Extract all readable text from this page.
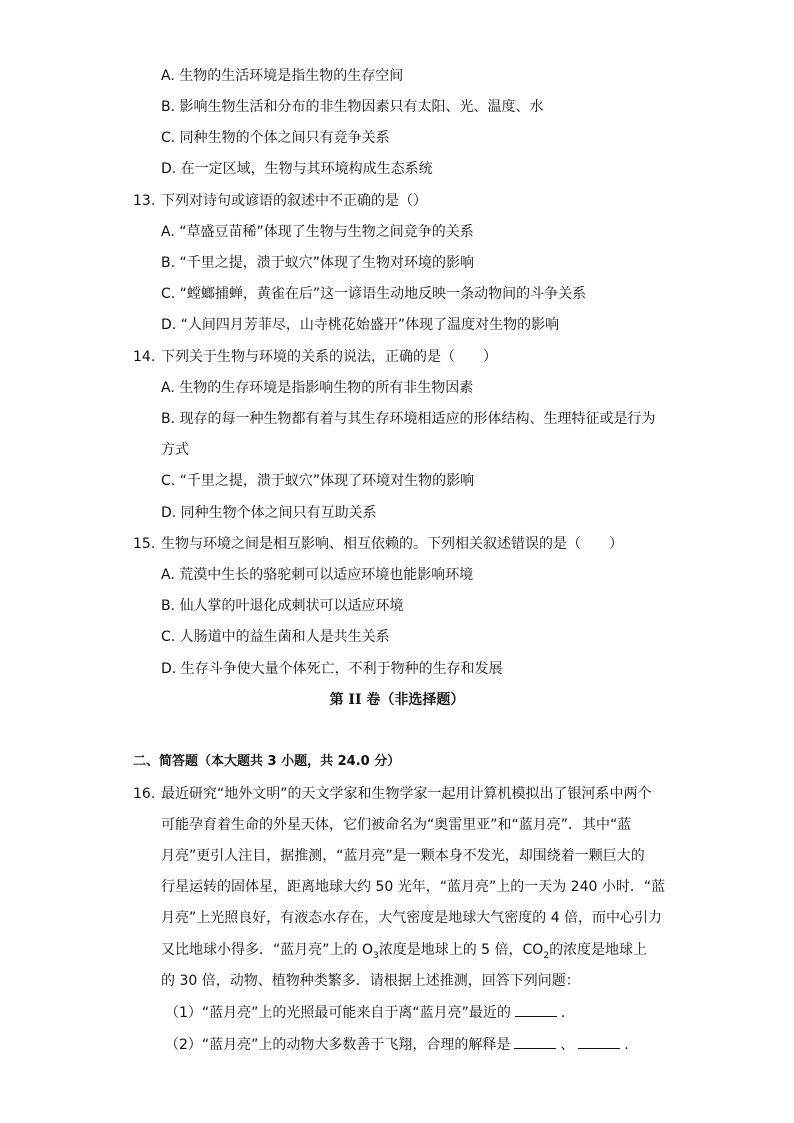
A. 生物的生活环境是指生物的生存空间
B. 影响生物生活和分布的非生物因素只有太阳、光、温度、水
C. 同种生物的个体之间只有竞争关系
D. 在一定区域，生物与其环境构成生态系统
13. 下列对诗句或谚语的叙述中不正确的是（）
A. “草盛豆苗稀”体现了生物与生物之间竞争的关系
B. “千里之提，溃于蚁穴”体现了生物对环境的影响
C. “螳螂捕蝉，黄雀在后”这一谚语生动地反映一条动物间的斗争关系
D. “人间四月芳菲尽，山寺桃花始盛开”体现了温度对生物的影响
14. 下列关于生物与环境的关系的说法，正确的是（　　）
A. 生物的生存环境是指影响生物的所有非生物因素
B. 现存的每一种生物都有着与其生存环境相适应的形体结构、生理特征或是行为
方式
C. “千里之提，溃于蚁穴”体现了环境对生物的影响
D. 同种生物个体之间只有互助关系
15. 生物与环境之间是相互影响、相互依赖的。下列相关叙述错误的是（　　）
A. 荒漠中生长的骆驼刺可以适应环境也能影响环境
B. 仙人掌的叶退化成刺状可以适应环境
C. 人肠道中的益生菌和人是共生关系
D. 生存斗争使大量个体死亡，不利于物种的生存和发展
第 II 卷（非选择题）
二、简答题（本大题共 3 小题，共 24.0 分）
16. 最近研究“地外文明”的天文学家和生物学家一起用计算机模拟出了银河系中两个
可能孕育着生命的外星天体，它们被命名为“奥雷里亚”和“蓝月亮”．其中“蓝
月亮”更引人注目，据推测，“蓝月亮”是一颗本身不发光，却围绕着一颗巨大的
行星运转的固体星，距离地球大约 50 光年，“蓝月亮”上的一天为 240 小时．“蓝
月亮”上光照良好，有液态水存在，大气密度是地球大气密度的 4 倍，而中心引力
又比地球小得多．“蓝月亮”上的 $O_3$浓度是地球上的 5 倍，$CO_2$的浓度是地球上
的 30 倍，动物、植物种类繁多．请根据上述推测，回答下列问题：
（1）“蓝月亮”上的光照最可能来自于离“蓝月亮”最近的	．
（2）“蓝月亮”上的动物大多数善于飞翔，合理的解释是	、	．
